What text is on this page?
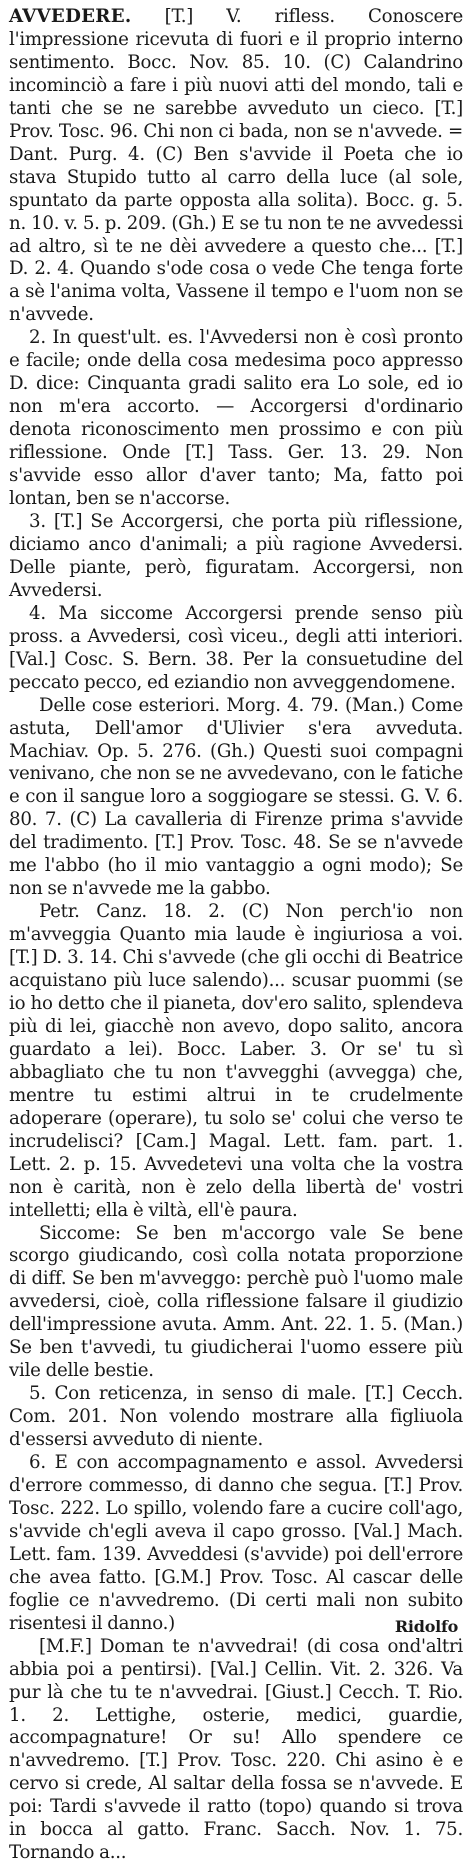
AVVEDERE. [T.] V. rifless. Conoscere l'impressione ricevuta di fuori e il proprio interno sentimento. Bocc. Nov. 85. 10. (C) Calandrino incominciò a fare i più nuovi atti del mondo, tali e tanti che se ne sarebbe avveduto un cieco. [T.] Prov. Tosc. 96. Chi non ci bada, non se n'avvede. = Dant. Purg. 4. (C) Ben s'avvide il Poeta che io stava Stupido tutto al carro della luce (al sole, spuntato da parte opposta alla solita). Bocc. g. 5. n. 10. v. 5. p. 209. (Gh.) E se tu non te ne avvedessi ad altro, sì te ne dèi avvedere a questo che... [T.] D. 2. 4. Quando s'ode cosa o vede Che tenga forte a sè l'anima volta, Vassene il tempo e l'uom non se n'avvede.

2. In quest'ult. es. l'Avvedersi non è così pronto e facile; onde della cosa medesima poco appresso D. dice: Cinquanta gradi salito era Lo sole, ed io non m'era accorto. — Accorgersi d'ordinario denota riconoscimento men prossimo e con più riflessione. Onde [T.] Tass. Ger. 13. 29. Non s'avvide esso allor d'aver tanto; Ma, fatto poi lontan, ben se n'accorse.

3. [T.] Se Accorgersi, che porta più riflessione, diciamo anco d'animali; a più ragione Avvedersi. Delle piante, però, figuratam. Accorgersi, non Avvedersi.

4. Ma siccome Accorgersi prende senso più pross. a Avvedersi, così viceu., degli atti interiori. [Val.] Cosc. S. Bern. 38. Per la consuetudine del peccato pecco, ed eziandio non avveggendomene.

Delle cose esteriori. Morg. 4. 79. (Man.) Come astuta, Dell'amor d'Ulivier s'era avveduta. Machiav. Op. 5. 276. (Gh.) Questi suoi compagni venivano, che non se ne avvedevano, con le fatiche e con il sangue loro a soggiogare se stessi. G. V. 6. 80. 7. (C) La cavalleria di Firenze prima s'avvide del tradimento. [T.] Prov. Tosc. 48. Se se n'avvede me l'abbo (ho il mio vantaggio a ogni modo); Se non se n'avvede me la gabbo.

Petr. Canz. 18. 2. (C) Non perch'io non m'avveggia Quanto mia laude è ingiuriosa a voi. [T.] D. 3. 14. Chi s'avvede (che gli occhi di Beatrice acquistano più luce salendo)... scusar puommi (se io ho detto che il pianeta, dov'ero salito, splendeva più di lei, giacchè non avevo, dopo salito, ancora guardato a lei). Bocc. Laber. 3. Or se' tu sì abbagliato che tu non t'avvegghi (avvegga) che, mentre tu estimi altrui in te crudelmente adoperare (operare), tu solo se' colui che verso te incrudelisci? [Cam.] Magal. Lett. fam. part. 1. Lett. 2. p. 15. Avvedetevi una volta che la vostra non è carità, non è zelo della libertà de' vostri intelletti; ella è viltà, ell'è paura.

Siccome: Se ben m'accorgo vale Se bene scorgo giudicando, così colla notata proporzione di diff. Se ben m'avveggo: perchè può l'uomo male avvedersi, cioè, colla riflessione falsare il giudizio dell'impressione avuta. Amm. Ant. 22. 1. 5. (Man.) Se ben t'avvedi, tu giudicherai l'uomo essere più vile delle bestie.

5. Con reticenza, in senso di male. [T.] Cecch. Com. 201. Non volendo mostrare alla figliuola d'essersi avveduto di niente.

6. E con accompagnamento e assol. Avvedersi d'errore commesso, di danno che segua. [T.] Prov. Tosc. 222. Lo spillo, volendo fare a cucire coll'ago, s'avvide ch'egli aveva il capo grosso. [Val.] Mach. Lett. fam. 139. Avveddesi (s'avvide) poi dell'errore che avea fatto. [G.M.] Prov. Tosc. Al cascar delle foglie ce n'avvedremo. (Di certi mali non subito risentesi il danno.)

[M.F.] Doman te n'avvedrai! (di cosa ond'altri abbia poi a pentirsi). [Val.] Cellin. Vit. 2. 326. Va pur là che tu te n'avvedrai. [Giust.] Cecch. T. Rio. 1. 2. Lettighe, osterie, medici, guardie, accompagnature! Or su! Allo spendere ce n'avvedremo. [T.] Prov. Tosc. 220. Chi asino è e cervo si crede, Al saltar della fossa se n'avvede. E poi: Tardi s'avvede il ratto (topo) quando si trova in bocca al gatto. Franc. Sacch. Nov. 1. 75. Tornando a...

Ridolfo
